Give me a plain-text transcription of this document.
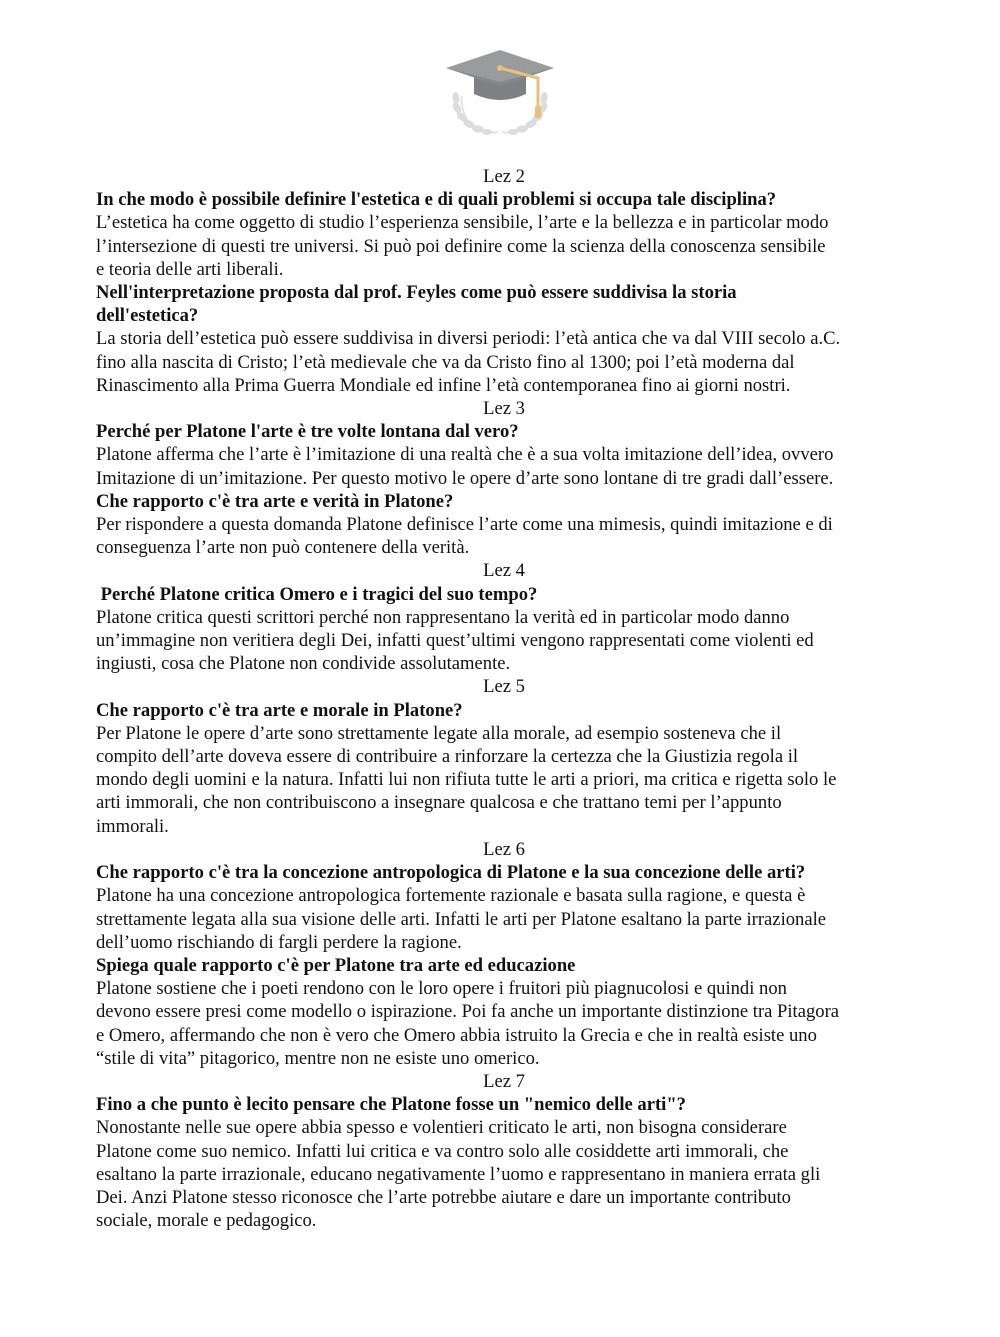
Lez 2

In che modo è possibile definire l'estetica e di quali problemi si occupa tale disciplina?

L’estetica ha come oggetto di studio l’esperienza sensibile, l’arte e la bellezza e in particolar modo
l’intersezione di questi tre universi. Si può poi definire come la scienza della conoscenza sensibile
e teoria delle arti liberali.

Nell'interpretazione proposta dal prof. Feyles come può essere suddivisa la storia
dell'estetica?

La storia dell’estetica può essere suddivisa in diversi periodi: l’età antica che va dal VIII secolo a.C.
fino alla nascita di Cristo; l’età medievale che va da Cristo fino al 1300; poi l’età moderna dal
Rinascimento alla Prima Guerra Mondiale ed infine l’età contemporanea fino ai giorni nostri.

Lez 3

Perché per Platone l'arte è tre volte lontana dal vero?

Platone afferma che l’arte è l’imitazione di una realtà che è a sua volta imitazione dell’idea, ovvero
Imitazione di un’imitazione. Per questo motivo le opere d’arte sono lontane di tre gradi dall’essere.

Che rapporto c'è tra arte e verità in Platone?

Per rispondere a questa domanda Platone definisce l’arte come una mimesis, quindi imitazione e di
conseguenza l’arte non può contenere della verità.

Lez 4

Perché Platone critica Omero e i tragici del suo tempo?

Platone critica questi scrittori perché non rappresentano la verità ed in particolar modo danno
un’immagine non veritiera degli Dei, infatti quest’ultimi vengono rappresentati come violenti ed
ingiusti, cosa che Platone non condivide assolutamente.

Lez 5

Che rapporto c'è tra arte e morale in Platone?

Per Platone le opere d’arte sono strettamente legate alla morale, ad esempio sosteneva che il
compito dell’arte doveva essere di contribuire a rinforzare la certezza che la Giustizia regola il
mondo degli uomini e la natura. Infatti lui non rifiuta tutte le arti a priori, ma critica e rigetta solo le
arti immorali, che non contribuiscono a insegnare qualcosa e che trattano temi per l’appunto
immorali.

Lez 6

Che rapporto c'è tra la concezione antropologica di Platone e la sua concezione delle arti?

Platone ha una concezione antropologica fortemente razionale e basata sulla ragione, e questa è
strettamente legata alla sua visione delle arti. Infatti le arti per Platone esaltano la parte irrazionale
dell’uomo rischiando di fargli perdere la ragione.

Spiega quale rapporto c'è per Platone tra arte ed educazione

Platone sostiene che i poeti rendono con le loro opere i fruitori più piagnucolosi e quindi non
devono essere presi come modello o ispirazione. Poi fa anche un importante distinzione tra Pitagora
e Omero, affermando che non è vero che Omero abbia istruito la Grecia e che in realtà esiste uno
“stile di vita” pitagorico, mentre non ne esiste uno omerico.

Lez 7

Fino a che punto è lecito pensare che Platone fosse un "nemico delle arti"?

Nonostante nelle sue opere abbia spesso e volentieri criticato le arti, non bisogna considerare
Platone come suo nemico. Infatti lui critica e va contro solo alle cosiddette arti immorali, che
esaltano la parte irrazionale, educano negativamente l’uomo e rappresentano in maniera errata gli
Dei. Anzi Platone stesso riconosce che l’arte potrebbe aiutare e dare un importante contributo
sociale, morale e pedagogico.
